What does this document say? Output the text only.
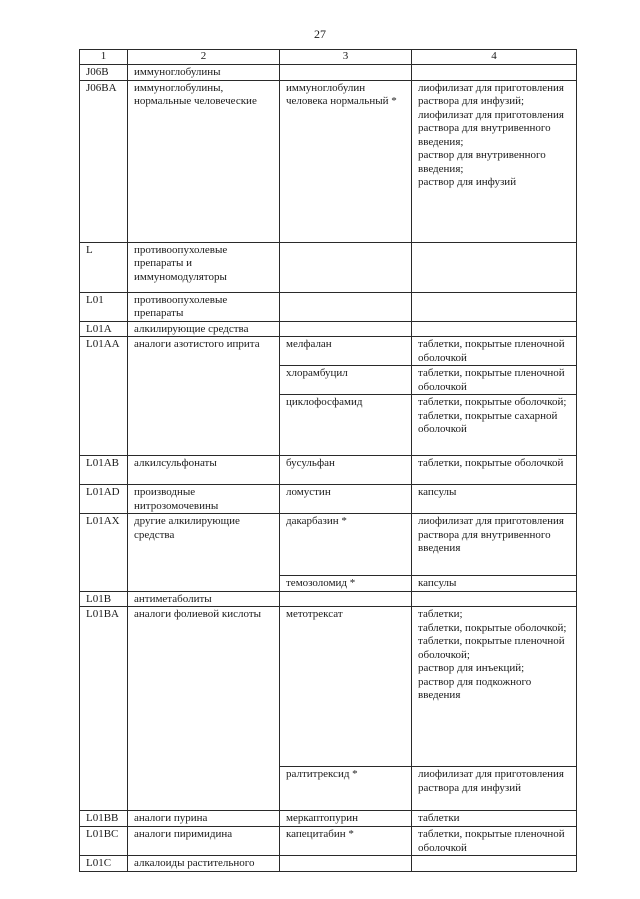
27
1	2	3	4
J06B	иммуноглобулины		
J06BA	иммуноглобулины, нормальные человеческие	иммуноглобулин человека нормальный *	лиофилизат для приготовления раствора для инфузий;
лиофилизат для приготовления раствора для внутривенного введения;
раствор для внутривенного введения;
раствор для инфузий

L	противоопухолевые препараты и иммуномодуляторы		
L01	противоопухолевые препараты		
L01A	алкилирующие средства		
L01AA	аналоги азотистого иприта	мелфалан	таблетки, покрытые пленочной оболочкой

		хлорамбуцил	таблетки, покрытые пленочной оболочкой

		циклофосфамид	таблетки, покрытые оболочкой;
таблетки, покрытые сахарной оболочкой

L01AB	алкилсульфонаты	бусульфан	таблетки, покрытые оболочкой

L01AD	производные нитрозомочевины	ломустин	капсулы

L01AX	другие алкилирующие средства	дакарбазин *	лиофилизат для приготовления раствора для внутривенного введения

		темозоломид *	капсулы

L01B	антиметаболиты		
L01BA	аналоги фолиевой кислоты	метотрексат	таблетки;
таблетки, покрытые оболочкой;
таблетки, покрытые пленочной оболочкой;
раствор для инъекций;
раствор для подкожного введения

		ралтитрексид *	лиофилизат для приготовления раствора для инфузий

L01BB	аналоги пурина	меркаптопурин	таблетки

L01BC	аналоги пиримидина	капецитабин *	таблетки, покрытые пленочной оболочкой

L01C	алкалоиды растительного		
